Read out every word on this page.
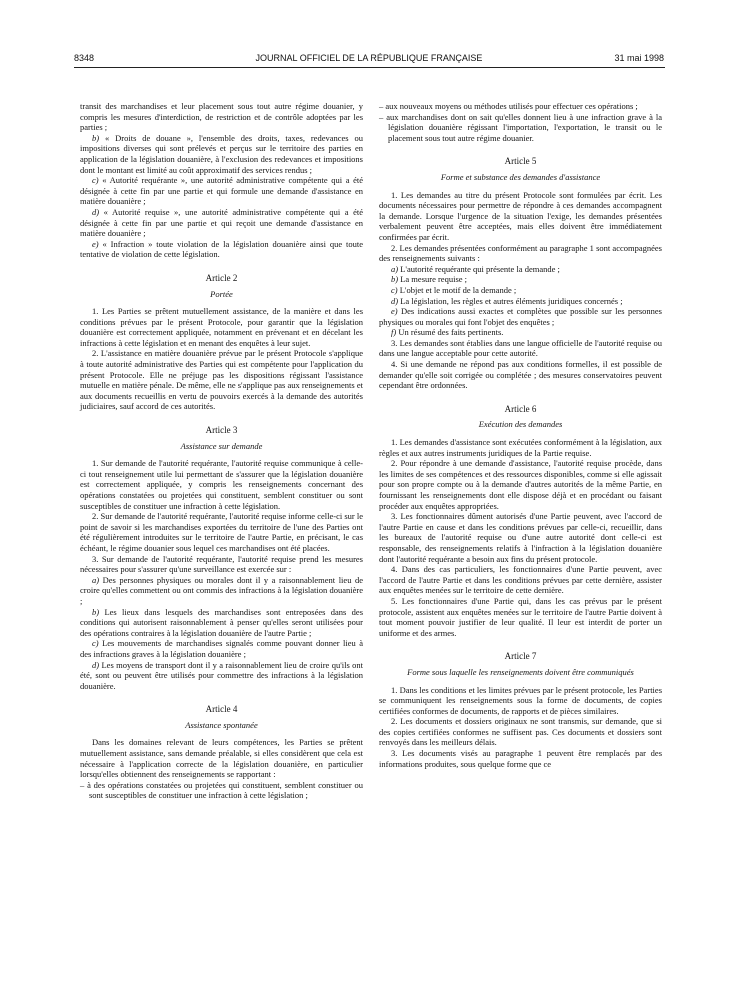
8348	JOURNAL OFFICIEL DE LA RÉPUBLIQUE FRANÇAISE	31 mai 1998

transit des marchandises et leur placement sous tout autre régime douanier, y compris les mesures d'interdiction, de restriction et de contrôle adoptées par les parties ;

b) « Droits de douane », l'ensemble des droits, taxes, redevances ou impositions diverses qui sont prélevés et perçus sur le territoire des parties en application de la législation douanière, à l'exclusion des redevances et impositions dont le montant est limité au coût approximatif des services rendus ;

c) « Autorité requérante », une autorité administrative compétente qui a été désignée à cette fin par une partie et qui formule une demande d'assistance en matière douanière ;

d) « Autorité requise », une autorité administrative compétente qui a été désignée à cette fin par une partie et qui reçoit une demande d'assistance en matière douanière ;

e) « Infraction » toute violation de la législation douanière ainsi que toute tentative de violation de cette législation.

Article 2
Portée

1. Les Parties se prêtent mutuellement assistance, de la manière et dans les conditions prévues par le présent Protocole, pour garantir que la législation douanière est correctement appliquée, notamment en prévenant et en décelant les infractions à cette législation et en menant des enquêtes à leur sujet.

2. L'assistance en matière douanière prévue par le présent Protocole s'applique à toute autorité administrative des Parties qui est compétente pour l'application du présent Protocole. Elle ne préjuge pas les dispositions régissant l'assistance mutuelle en matière pénale. De même, elle ne s'applique pas aux renseignements et aux documents recueillis en vertu de pouvoirs exercés à la demande des autorités judiciaires, sauf accord de ces autorités.

Article 3
Assistance sur demande

1. Sur demande de l'autorité requérante, l'autorité requise communique à celle-ci tout renseignement utile lui permettant de s'assurer que la législation douanière est correctement appliquée, y compris les renseignements concernant des opérations constatées ou projetées qui constituent, semblent constituer ou sont susceptibles de constituer une infraction à cette législation.

2. Sur demande de l'autorité requérante, l'autorité requise informe celle-ci sur le point de savoir si les marchandises exportées du territoire de l'une des Parties ont été régulièrement introduites sur le territoire de l'autre Partie, en précisant, le cas échéant, le régime douanier sous lequel ces marchandises ont été placées.

3. Sur demande de l'autorité requérante, l'autorité requise prend les mesures nécessaires pour s'assurer qu'une surveillance est exercée sur :

a) Des personnes physiques ou morales dont il y a raisonnablement lieu de croire qu'elles commettent ou ont commis des infractions à la législation douanière ;

b) Les lieux dans lesquels des marchandises sont entreposées dans des conditions qui autorisent raisonnablement à penser qu'elles seront utilisées pour des opérations contraires à la législation douanière de l'autre Partie ;

c) Les mouvements de marchandises signalés comme pouvant donner lieu à des infractions graves à la législation douanière ;

d) Les moyens de transport dont il y a raisonnablement lieu de croire qu'ils ont été, sont ou peuvent être utilisés pour commettre des infractions à la législation douanière.

Article 4
Assistance spontanée

Dans les domaines relevant de leurs compétences, les Parties se prêtent mutuellement assistance, sans demande préalable, si elles considèrent que cela est nécessaire à l'application correcte de la législation douanière, en particulier lorsqu'elles obtiennent des renseignements se rapportant :

– à des opérations constatées ou projetées qui constituent, semblent constituer ou sont susceptibles de constituer une infraction à cette législation ;

– aux nouveaux moyens ou méthodes utilisés pour effectuer ces opérations ;

– aux marchandises dont on sait qu'elles donnent lieu à une infraction grave à la législation douanière régissant l'importation, l'exportation, le transit ou le placement sous tout autre régime douanier.

Article 5
Forme et substance des demandes d'assistance

1. Les demandes au titre du présent Protocole sont formulées par écrit. Les documents nécessaires pour permettre de répondre à ces demandes accompagnent la demande. Lorsque l'urgence de la situation l'exige, les demandes présentées verbalement peuvent être acceptées, mais elles doivent être immédiatement confirmées par écrit.

2. Les demandes présentées conformément au paragraphe 1 sont accompagnées des renseignements suivants :

a) L'autorité requérante qui présente la demande ;

b) La mesure requise ;

c) L'objet et le motif de la demande ;

d) La législation, les règles et autres éléments juridiques concernés ;

e) Des indications aussi exactes et complètes que possible sur les personnes physiques ou morales qui font l'objet des enquêtes ;

f) Un résumé des faits pertinents.

3. Les demandes sont établies dans une langue officielle de l'autorité requise ou dans une langue acceptable pour cette autorité.

4. Si une demande ne répond pas aux conditions formelles, il est possible de demander qu'elle soit corrigée ou complétée ; des mesures conservatoires peuvent cependant être ordonnées.

Article 6
Exécution des demandes

1. Les demandes d'assistance sont exécutées conformément à la législation, aux règles et aux autres instruments juridiques de la Partie requise.

2. Pour répondre à une demande d'assistance, l'autorité requise procède, dans les limites de ses compétences et des ressources disponibles, comme si elle agissait pour son propre compte ou à la demande d'autres autorités de la même Partie, en fournissant les renseignements dont elle dispose déjà et en procédant ou faisant procéder aux enquêtes appropriées.

3. Les fonctionnaires dûment autorisés d'une Partie peuvent, avec l'accord de l'autre Partie en cause et dans les conditions prévues par celle-ci, recueillir, dans les bureaux de l'autorité requise ou d'une autre autorité dont celle-ci est responsable, des renseignements relatifs à l'infraction à la législation douanière dont l'autorité requérante a besoin aux fins du présent protocole.

4. Dans des cas particuliers, les fonctionnaires d'une Partie peuvent, avec l'accord de l'autre Partie et dans les conditions prévues par cette dernière, assister aux enquêtes menées sur le territoire de cette dernière.

5. Les fonctionnaires d'une Partie qui, dans les cas prévus par le présent protocole, assistent aux enquêtes menées sur le territoire de l'autre Partie doivent à tout moment pouvoir justifier de leur qualité. Il leur est interdit de porter un uniforme et des armes.

Article 7
Forme sous laquelle les renseignements doivent être communiqués

1. Dans les conditions et les limites prévues par le présent protocole, les Parties se communiquent les renseignements sous la forme de documents, de copies certifiées conformes de documents, de rapports et de pièces similaires.

2. Les documents et dossiers originaux ne sont transmis, sur demande, que si des copies certifiées conformes ne suffisent pas. Ces documents et dossiers sont renvoyés dans les meilleurs délais.

3. Les documents visés au paragraphe 1 peuvent être remplacés par des informations produites, sous quelque forme que ce
